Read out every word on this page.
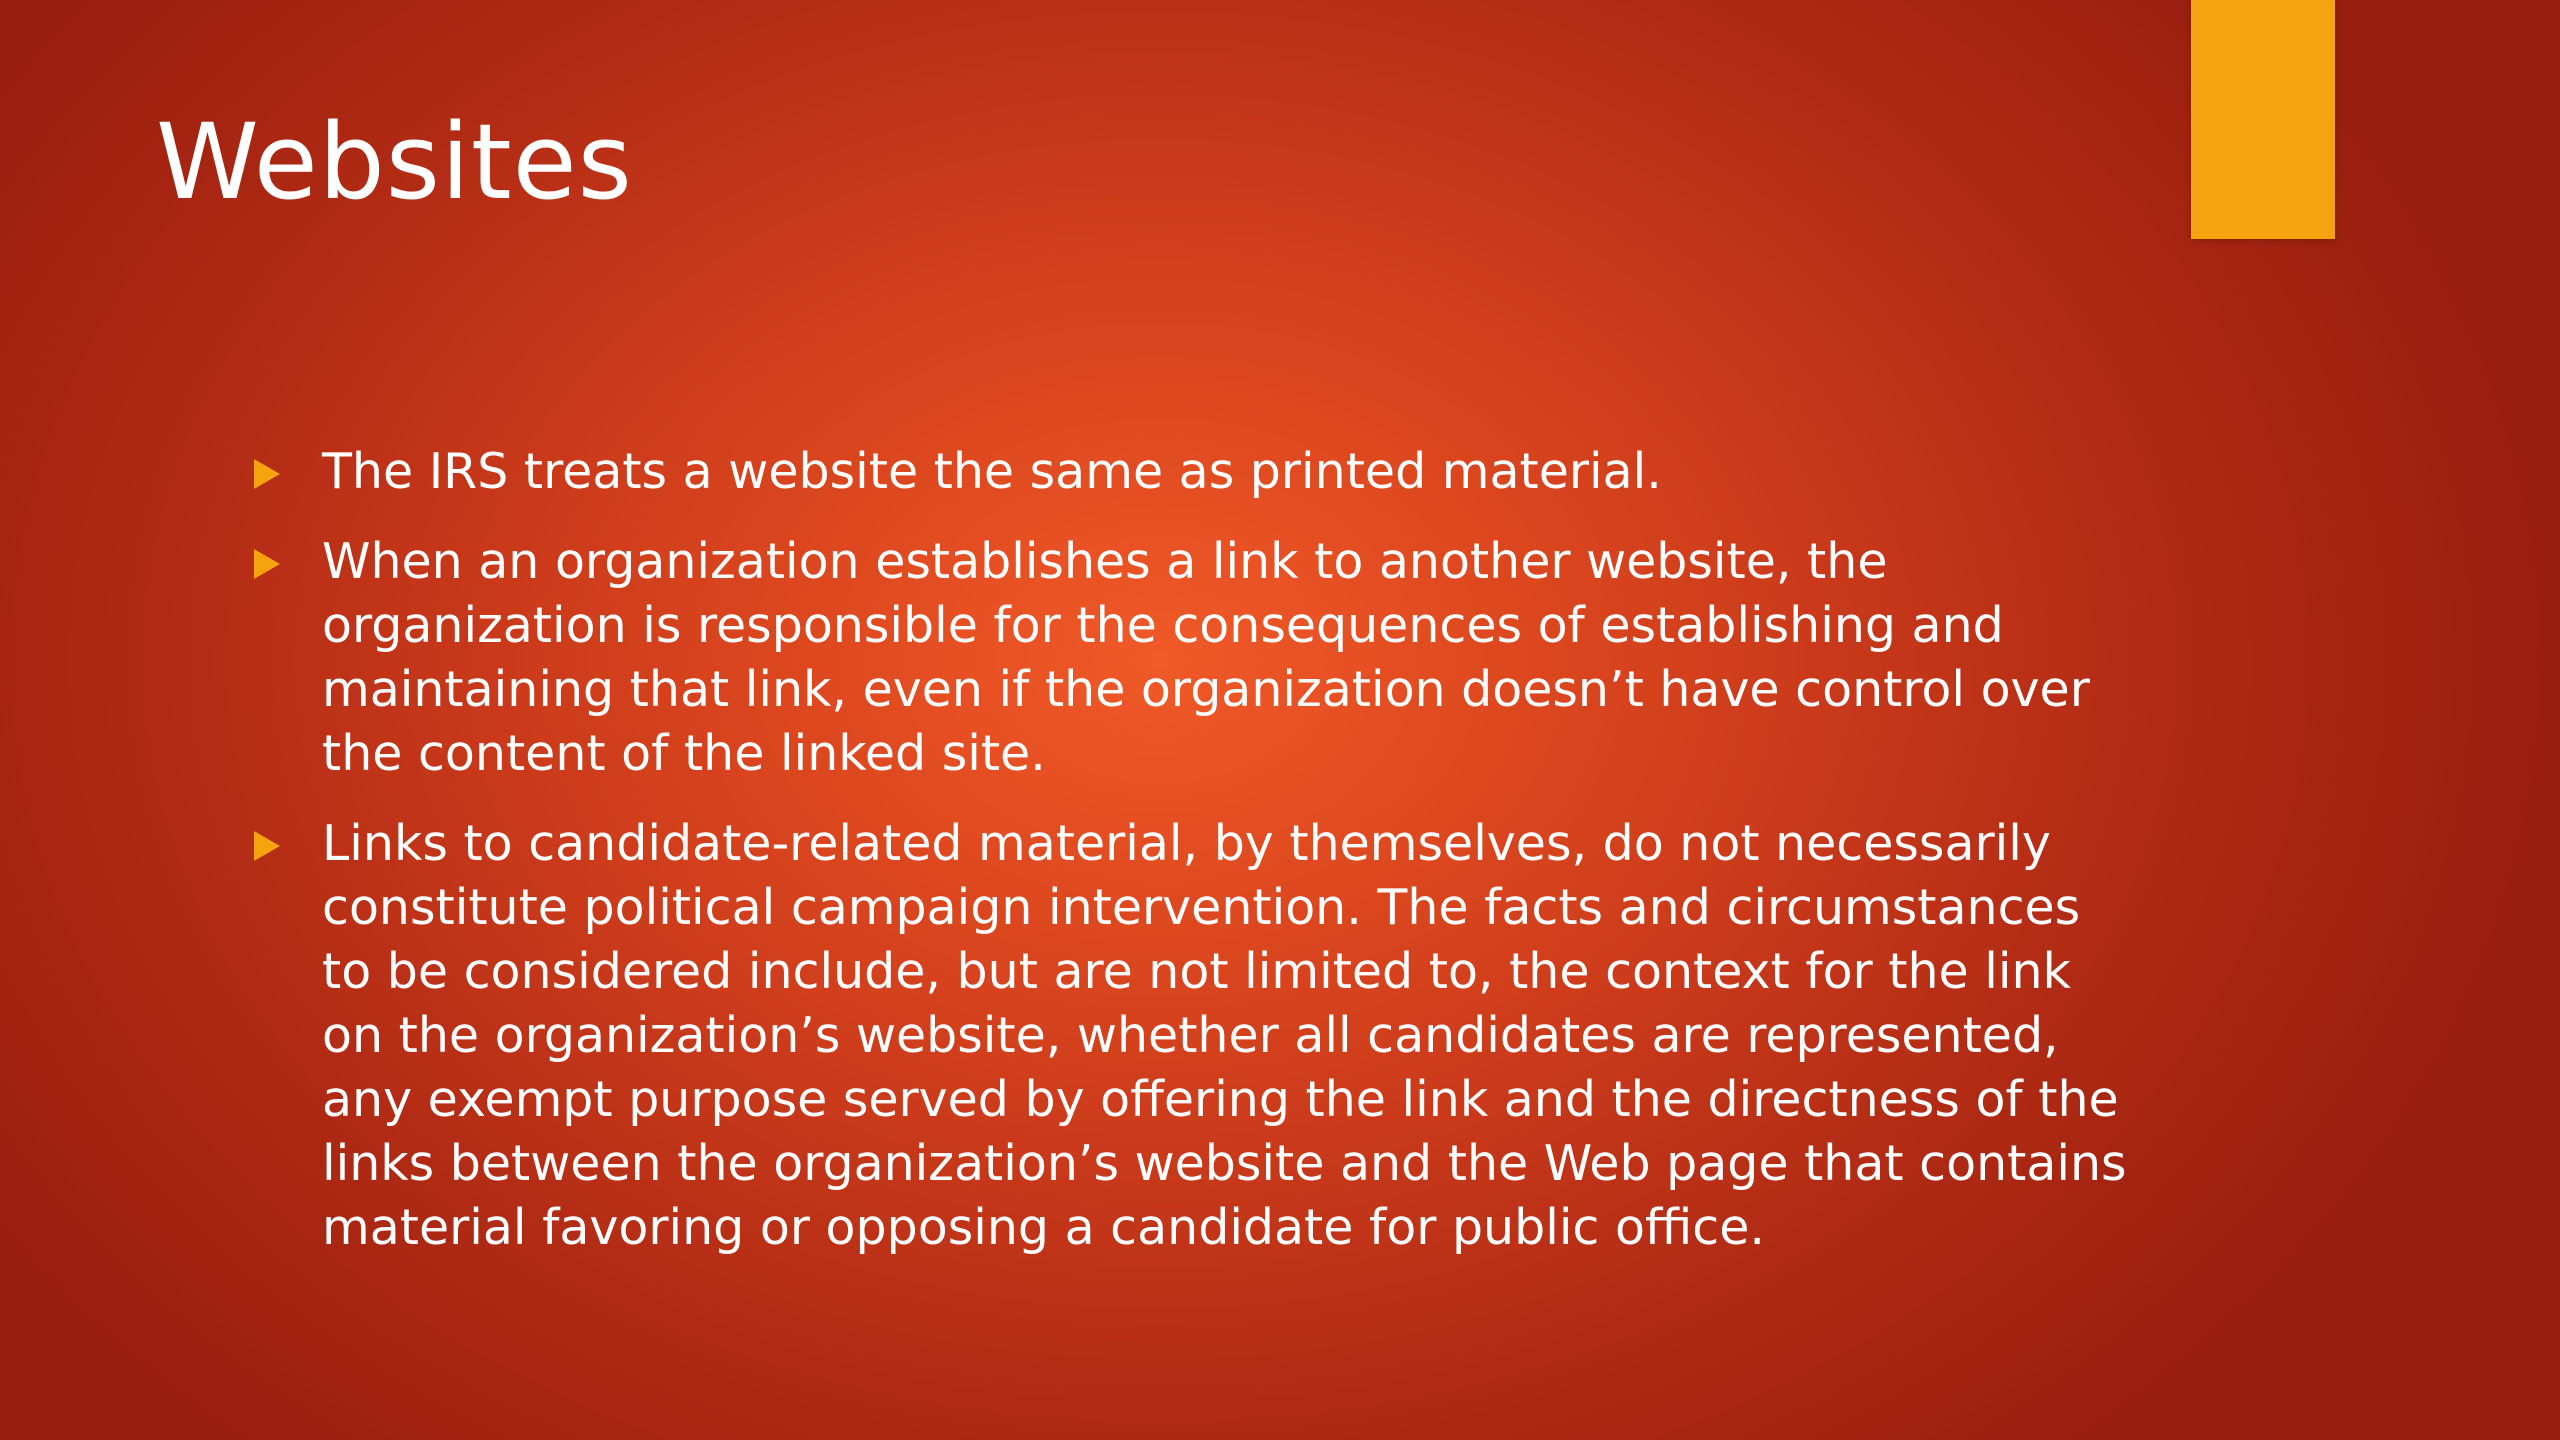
Websites
The IRS treats a website the same as printed material.
When an organization establishes a link to another website, the organization is responsible for the consequences of establishing and maintaining that link, even if the organization doesn’t have control over the content of the linked site.
Links to candidate-related material, by themselves, do not necessarily constitute political campaign intervention. The facts and circumstances to be considered include, but are not limited to, the context for the link on the organization’s website, whether all candidates are represented, any exempt purpose served by offering the link and the directness of the links between the organization’s website and the Web page that contains material favoring or opposing a candidate for public office.
